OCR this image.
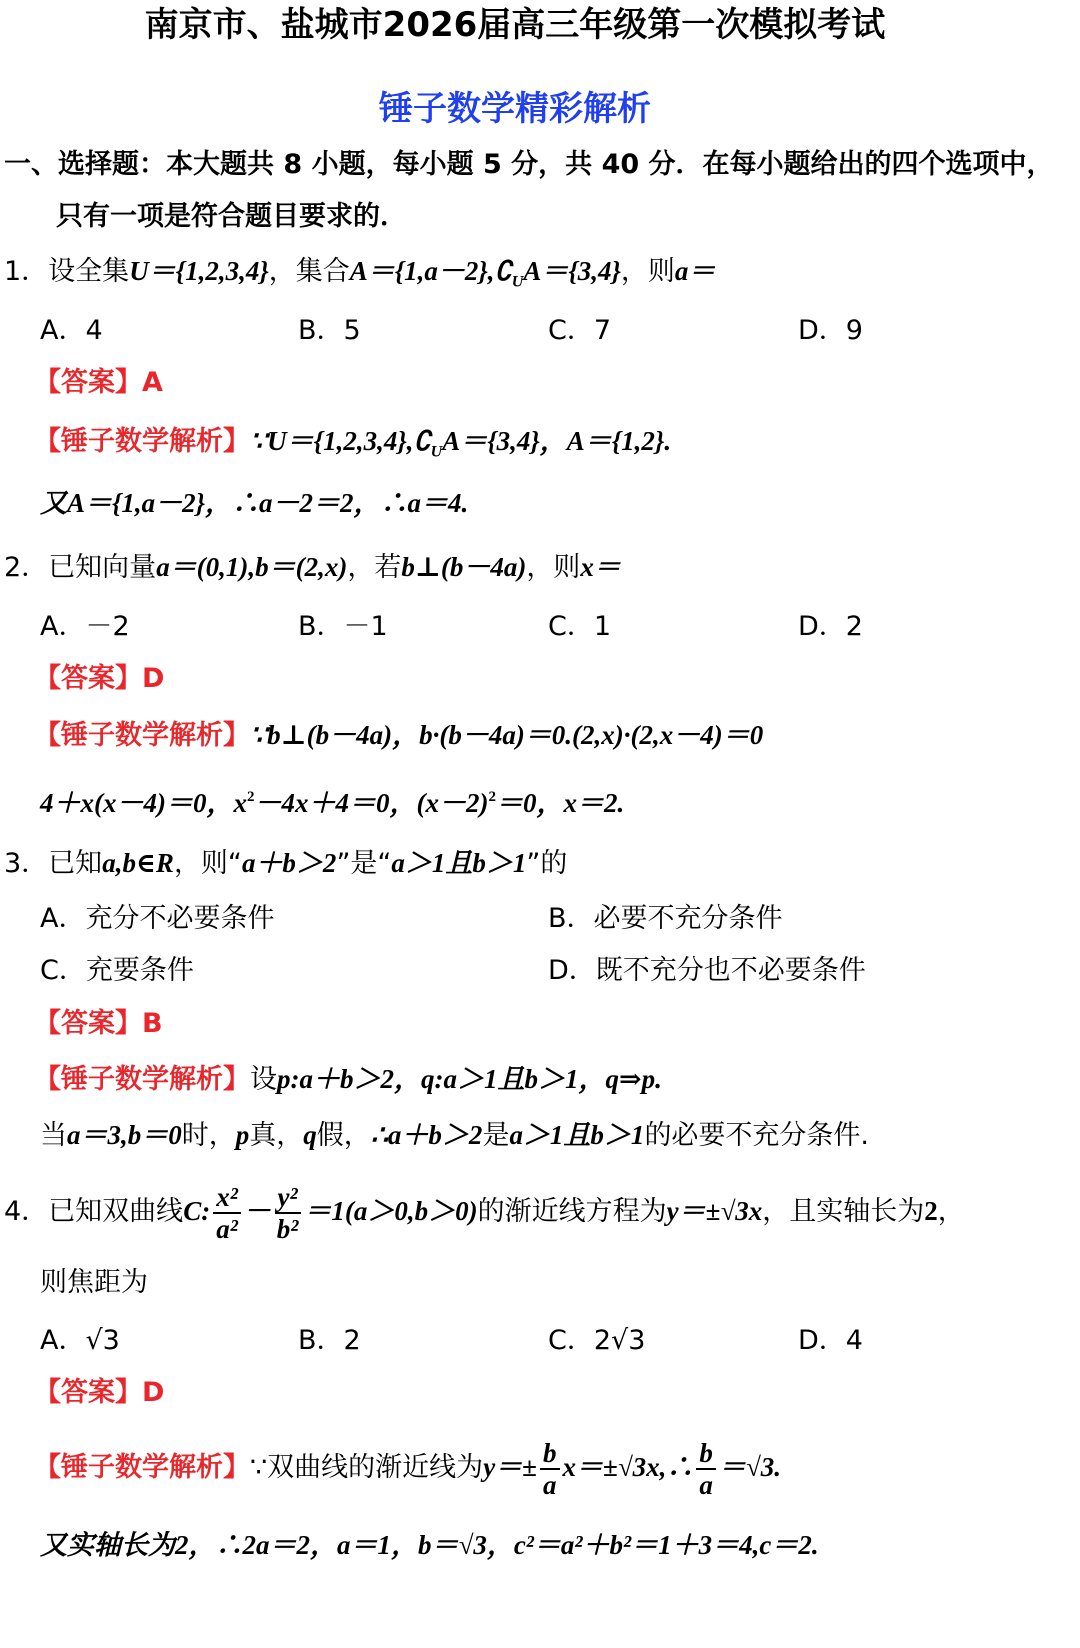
南京市、盐城市2026届高三年级第一次模拟考试
锤子数学精彩解析
一、选择题：本大题共 8 小题，每小题 5 分，共 40 分．在每小题给出的四个选项中，
只有一项是符合题目要求的．
1．设全集U＝{1,2,3,4}，集合$A=\{1,a-2\},∁_UA=\{3,4\}$，则a＝
A．4	B．5	C．7	D．9
【答案】A
【锤子数学解析】$\because U=\{1,2,3,4\},∁_UA=\{3,4\}$，A＝{1,2}.
又A＝{1,a－2}，∴a－2＝2，∴a＝4.
2．已知向量a＝(0,1),b＝(2,x)，若b⊥(b－4a)，则x＝
A．－2	B．－1	C．1	D．2
【答案】D
【锤子数学解析】∵b⊥(b－4a)，b·(b－4a)＝0.(2,x)·(2,x－4)＝0
4＋x(x－4)＝0，$x^2-4x+4=0$，$(x-2)^2=0$，x＝2.
3．已知a,b∈R，则“a＋b＞2”是“a＞1且b＞1”的
A．充分不必要条件	B．必要不充分条件
C．充要条件	D．既不充分也不必要条件
【答案】B
【锤子数学解析】设p:a＋b＞2，q:a＞1且b＞1，q⇒p.
当a＝3,b＝0时，p真，q假，∴a＋b＞2是a＞1且b＞1的必要不充分条件.
4．已知双曲线C: $\frac{\text{x²}}{\text{a²}} - \frac{\text{y²}}{\text{b²}} =1(a>0,b>0)$的渐近线方程为y＝±√3x，且实轴长为2，
则焦距为
A．√3	B．2	C．2√3	D．4
【答案】D
【锤子数学解析】∵双曲线的渐近线为$y=\pm \frac{b}{a}$ x＝±√3x,∴ $\frac{b}{a} =√3$.
又实轴长为2，∴2a＝2，a＝1，b＝√3，c²＝a²＋b²＝1＋3＝4,c＝2.
